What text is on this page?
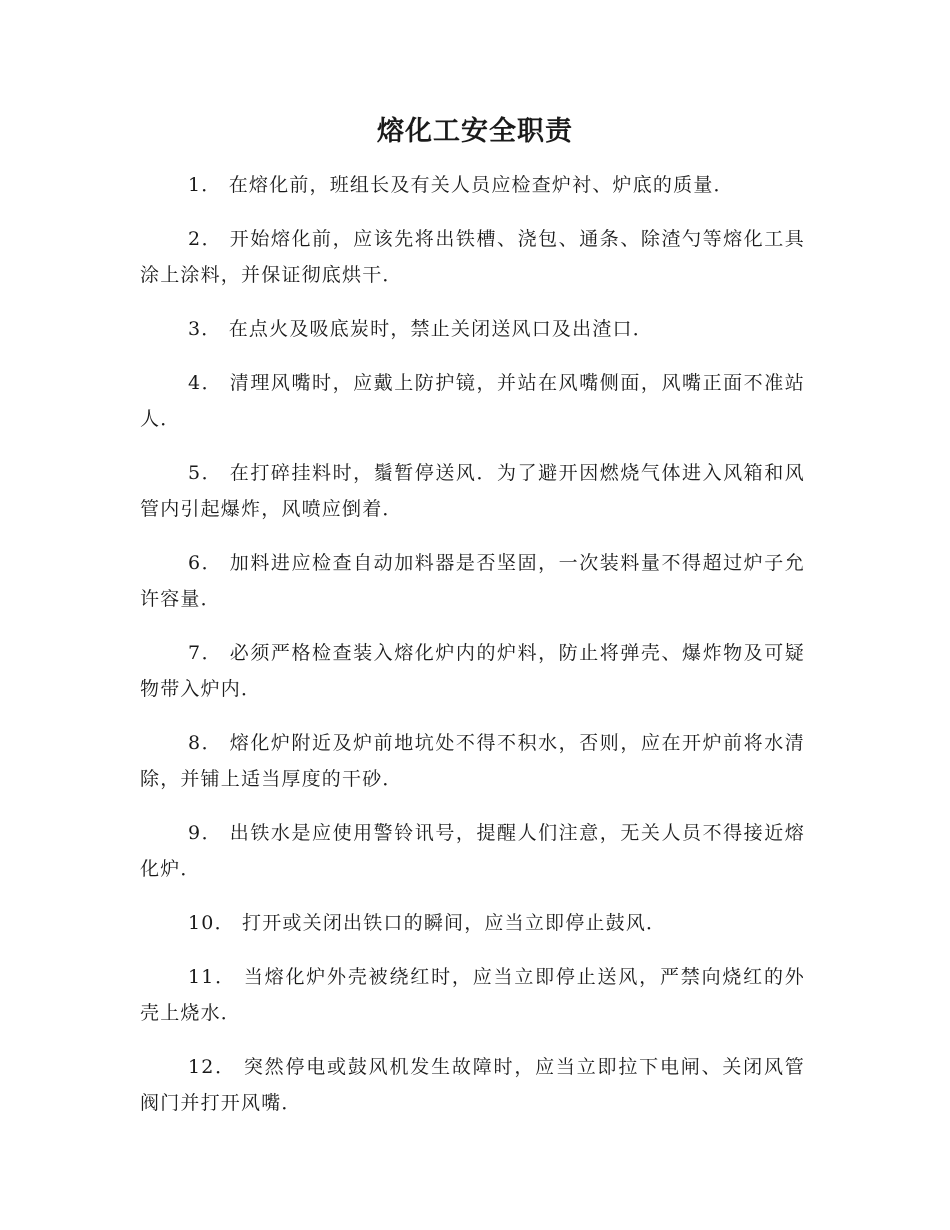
熔化工安全职责

1． 在熔化前，班组长及有关人员应检查炉衬、炉底的质量．

2． 开始熔化前，应该先将出铁槽、浇包、通条、除渣勺等熔化工具涂上涂料，并保证彻底烘干．

3． 在点火及吸底炭时，禁止关闭送风口及出渣口．

4． 清理风嘴时，应戴上防护镜，并站在风嘴侧面，风嘴正面不准站人．

5． 在打碎挂料时，鬚暂停送风．为了避开因燃烧气体进入风箱和风管内引起爆炸，风喷应倒着．

6． 加料进应检查自动加料器是否坚固，一次装料量不得超过炉子允许容量．

7． 必须严格检查装入熔化炉内的炉料，防止将弹壳、爆炸物及可疑物带入炉内．

8． 熔化炉附近及炉前地坑处不得不积水，否则，应在开炉前将水清除，并铺上适当厚度的干砂．

9． 出铁水是应使用警铃讯号，提醒人们注意，无关人员不得接近熔化炉．

10． 打开或关闭出铁口的瞬间，应当立即停止鼓风．

11． 当熔化炉外壳被绕红时，应当立即停止送风，严禁向烧红的外壳上烧水．

12． 突然停电或鼓风机发生故障时，应当立即拉下电闸、关闭风管阀门并打开风嘴．
